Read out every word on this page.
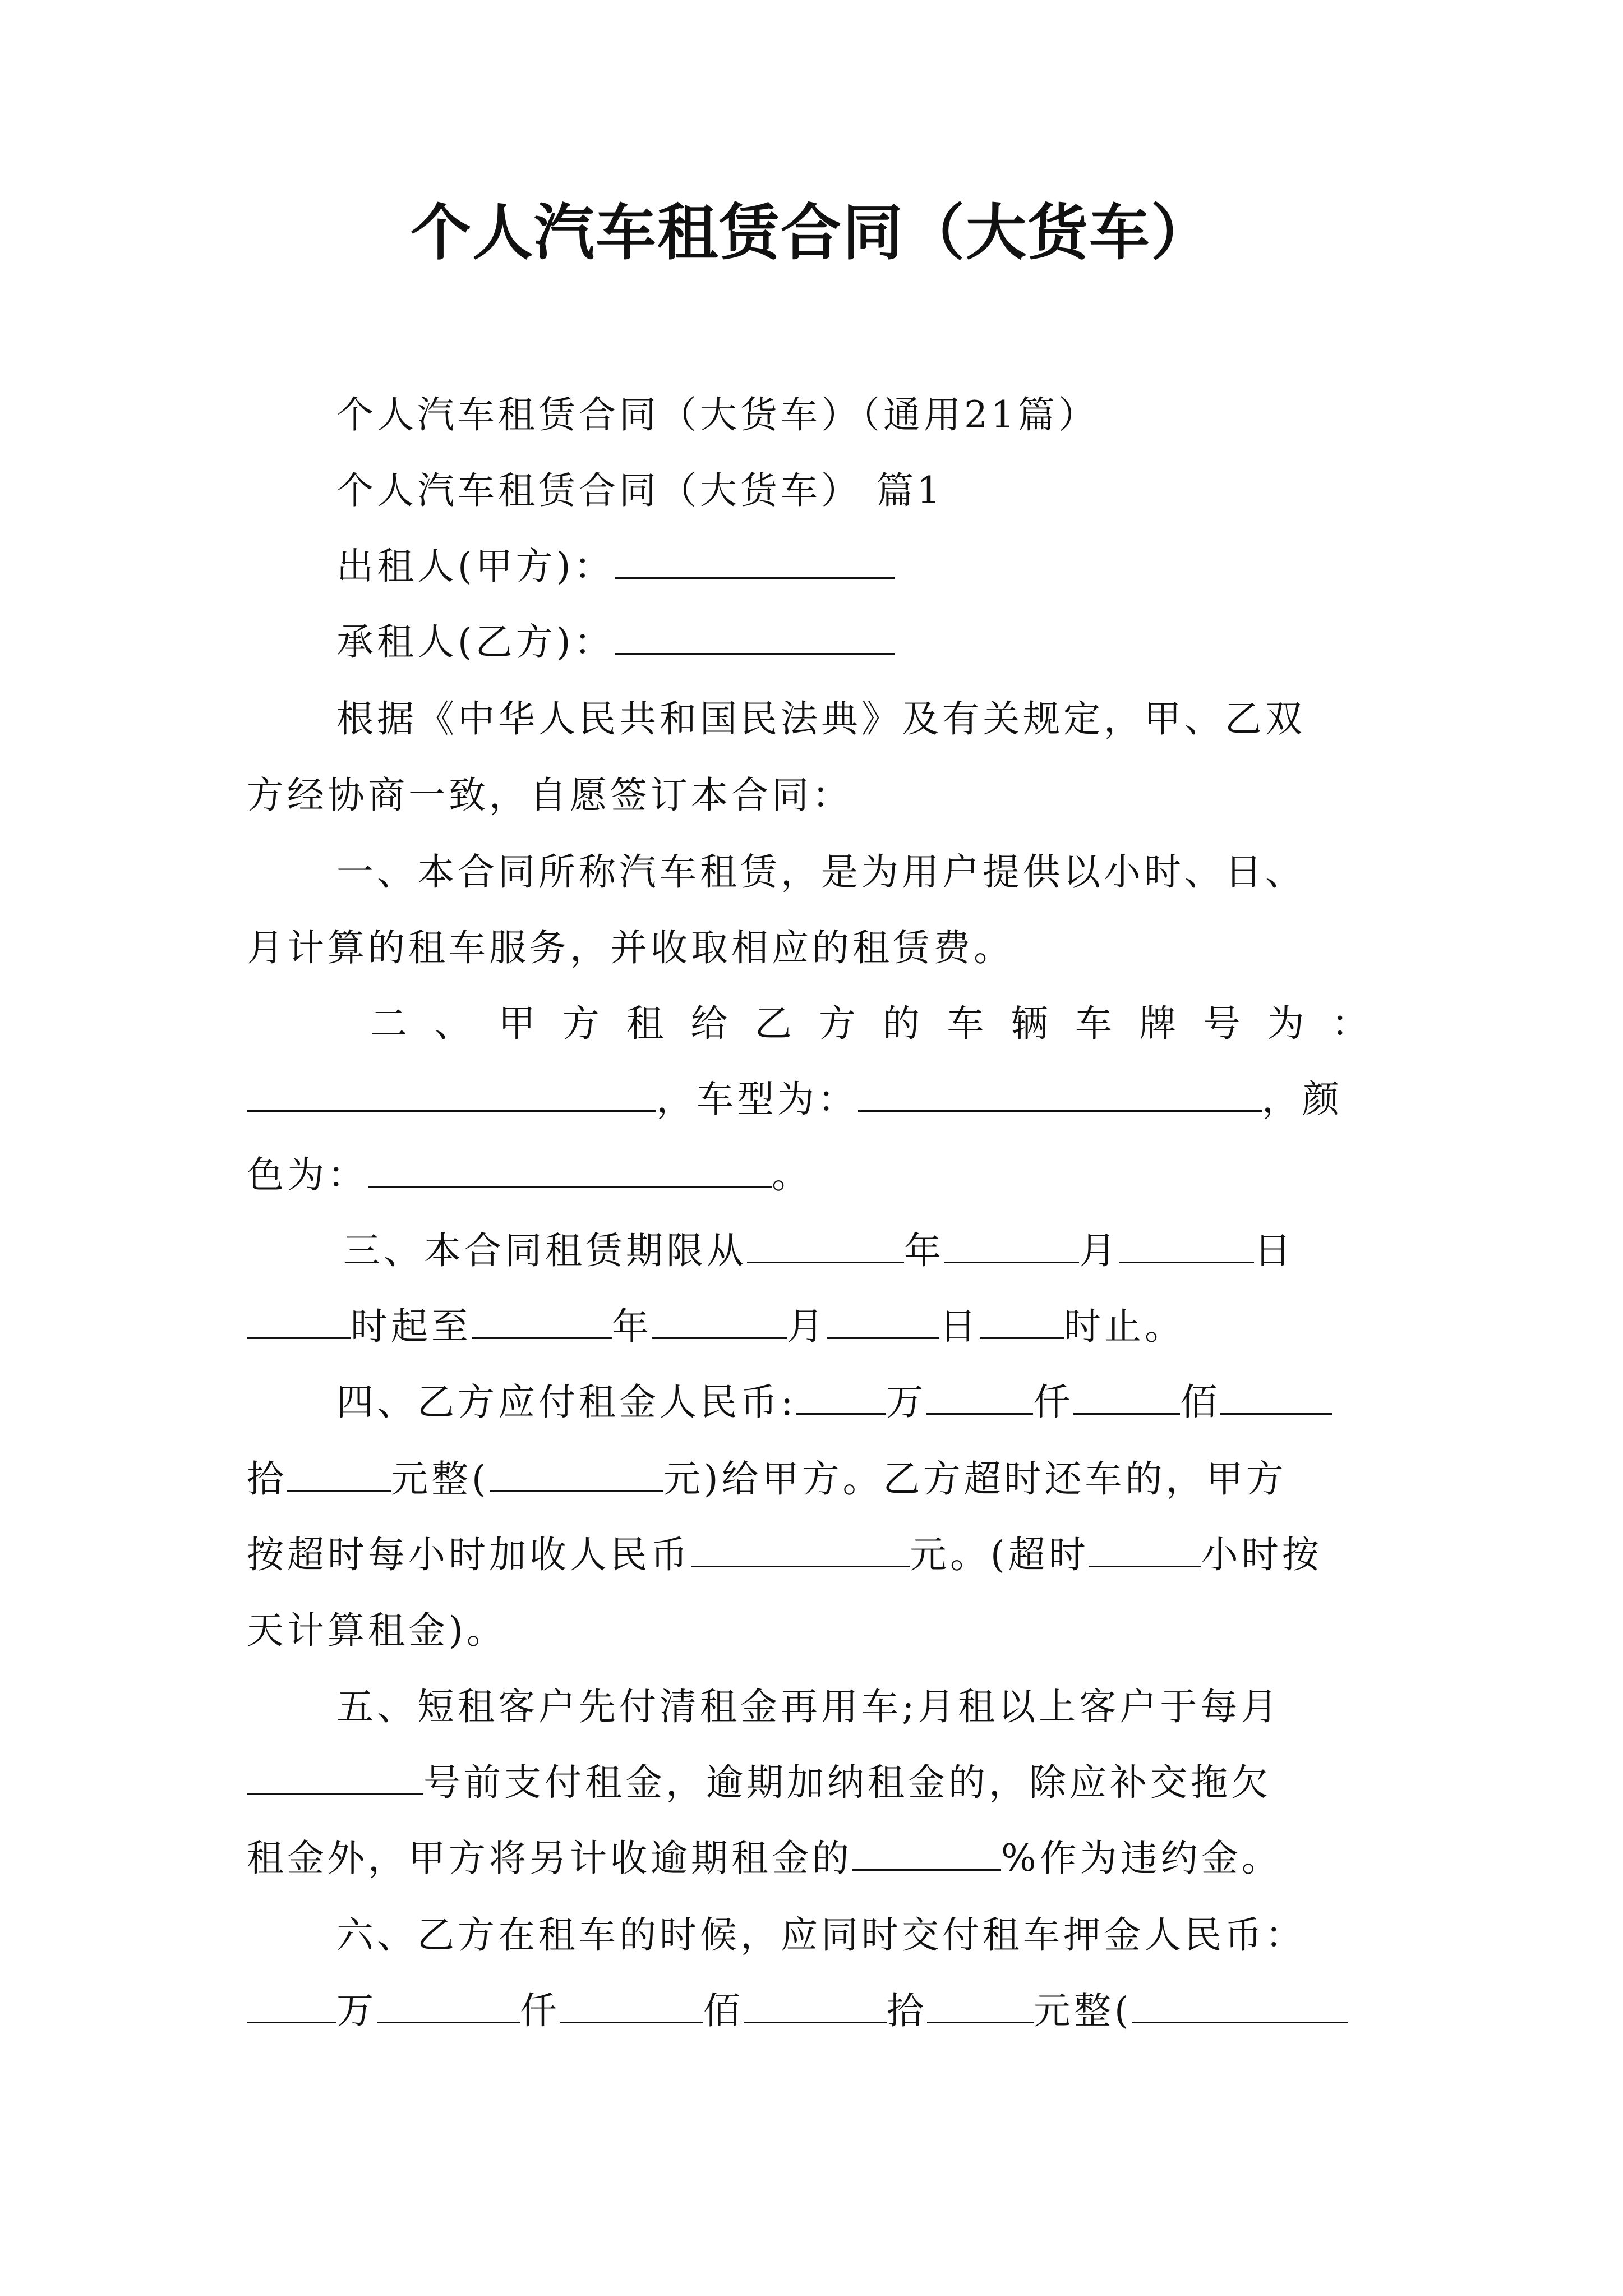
个人汽车租赁合同（大货车）
个人汽车租赁合同（大货车）（通用21篇）
个人汽车租赁合同（大货车） 篇1
出租人(甲方)：
承租人(乙方)：
根据《中华人民共和国民法典》及有关规定，甲、乙双
方经协商一致，自愿签订本合同：
一、本合同所称汽车租赁，是为用户提供以小时、日、
月计算的租车服务，并收取相应的租赁费。
二 、 甲 方 租 给 乙 方 的 车 辆 车 牌 号 为 ：
，车型为：	，颜
色为：	。
三、本合同租赁期限从	年	月	日
时起至	年	月	日 时止。
四、乙方应付租金人民币: 万	仟	佰
拾	元整(	元)给甲方。乙方超时还车的，甲方
按超时每小时加收人民币	元。(超时	小时按
天计算租金)。
五、短租客户先付清租金再用车;月租以上客户于每月
号前支付租金，逾期加纳租金的，除应补交拖欠
租金外，甲方将另计收逾期租金的	%作为违约金。
六、乙方在租车的时候，应同时交付租车押金人民币：
万	仟	佰	拾	元整(
